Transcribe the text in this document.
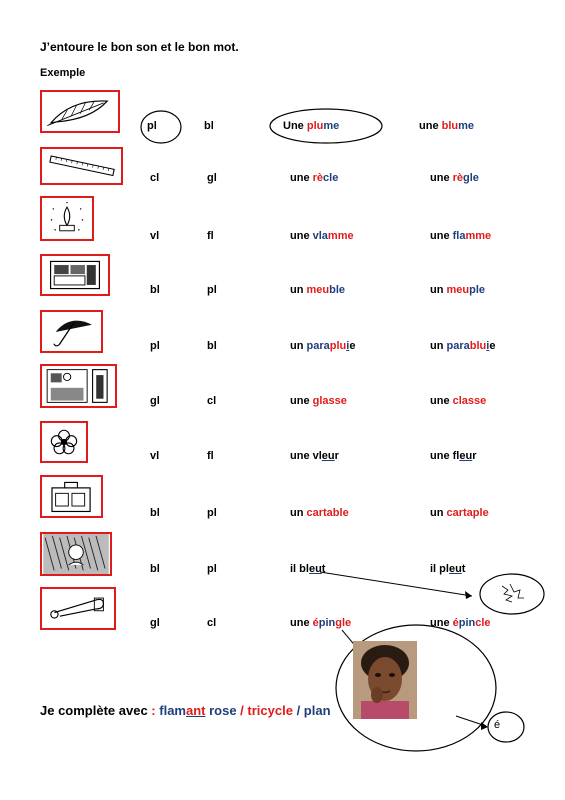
J’entoure le bon son et le bon mot.
Exemple
pl	bl	Une plume	une blume
cl	gl	une rècle	une règle
vl	fl	une vlamme	une flamme
bl	pl	un meuble	un meuple
pl	bl	un parapluie	un parabluie
gl	cl	une glasse	une classe
vl	fl	une vleur	une fleur
bl	pl	un cartable	un cartaple
bl	pl	il bleut	il pleut
gl	cl	une épingle	une épincle
é
Je complète avec : flamant rose / tricycle / plan
